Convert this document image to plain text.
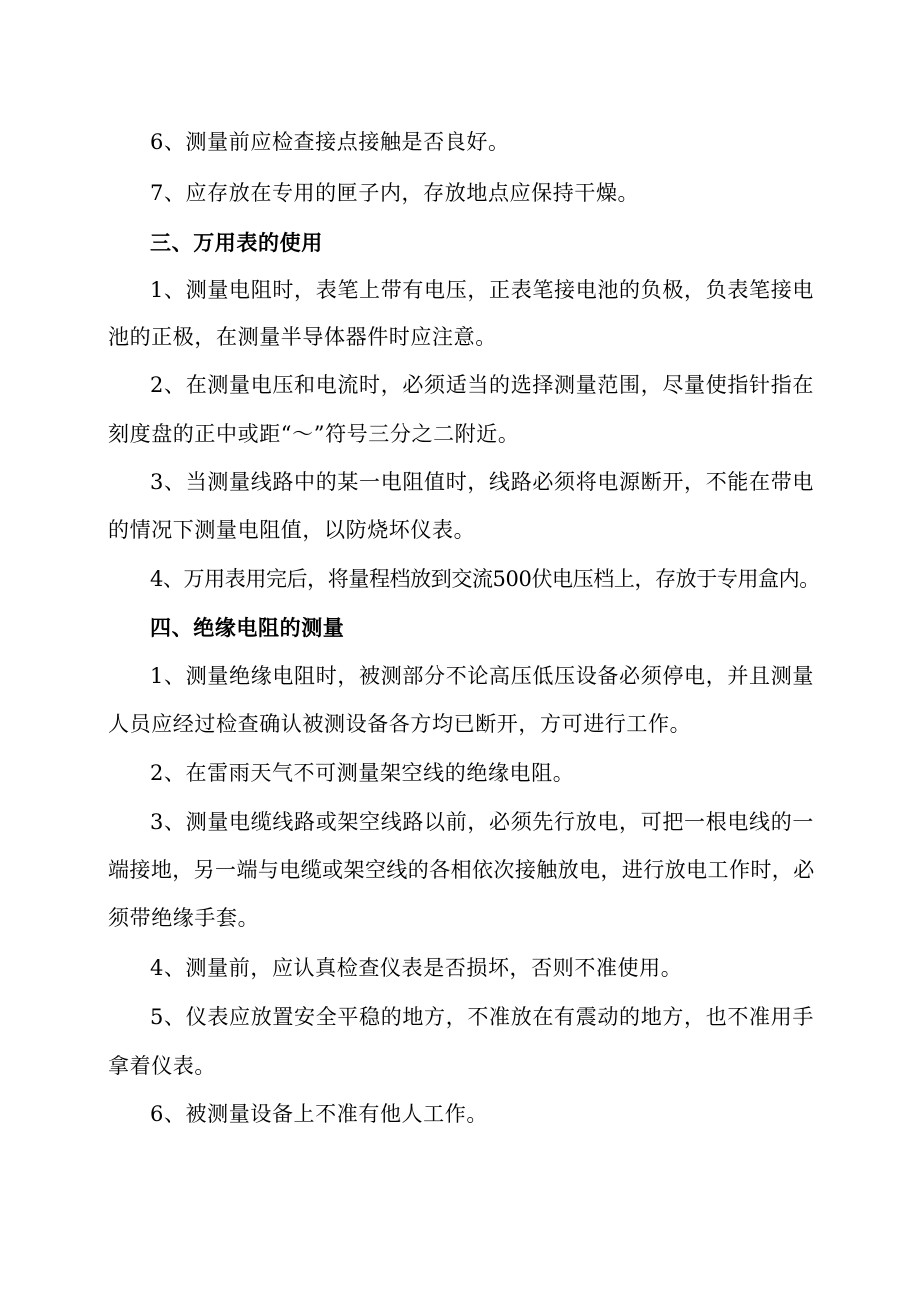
6、测量前应检查接点接触是否良好。
7、应存放在专用的匣子内，存放地点应保持干燥。
三、万用表的使用
1、测量电阻时，表笔上带有电压，正表笔接电池的负极，负表笔接电
池的正极，在测量半导体器件时应注意。
2、在测量电压和电流时，必须适当的选择测量范围，尽量使指针指在
刻度盘的正中或距“～”符号三分之二附近。
3、当测量线路中的某一电阻值时，线路必须将电源断开，不能在带电
的情况下测量电阻值，以防烧坏仪表。
4、万用表用完后，将量程档放到交流500伏电压档上，存放于专用盒内。
四、绝缘电阻的测量
1、测量绝缘电阻时，被测部分不论高压低压设备必须停电，并且测量
人员应经过检查确认被测设备各方均已断开，方可进行工作。
2、在雷雨天气不可测量架空线的绝缘电阻。
3、测量电缆线路或架空线路以前，必须先行放电，可把一根电线的一
端接地，另一端与电缆或架空线的各相依次接触放电，进行放电工作时，必
须带绝缘手套。
4、测量前，应认真检查仪表是否损坏，否则不准使用。
5、仪表应放置安全平稳的地方，不准放在有震动的地方，也不准用手
拿着仪表。
6、被测量设备上不准有他人工作。
